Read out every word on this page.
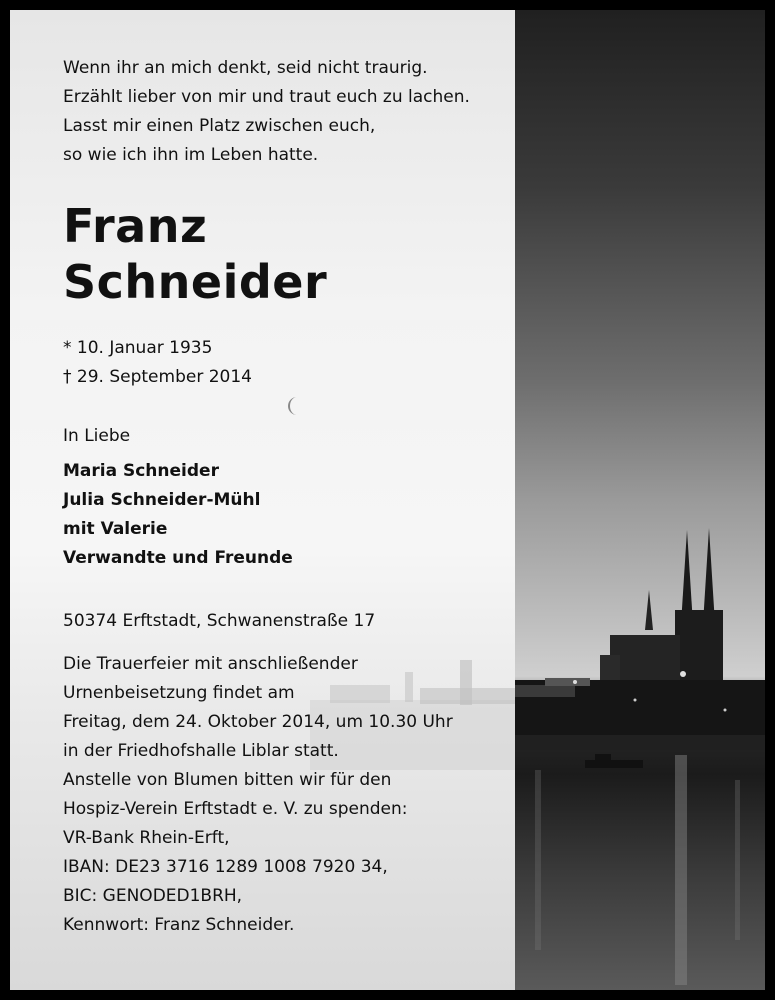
Wenn ihr an mich denkt, seid nicht traurig.

Erzählt lieber von mir und traut euch zu lachen.

Lasst mir einen Platz zwischen euch,

so wie ich ihn im Leben hatte.

Franz
Schneider

* 10. Januar 1935

† 29. September 2014

In Liebe

Maria Schneider

Julia Schneider-Mühl

mit Valerie

Verwandte und Freunde

50374 Erftstadt, Schwanenstraße 17

Die Trauerfeier mit anschließender

Urnenbeisetzung findet am

Freitag, dem 24. Oktober 2014, um 10.30 Uhr

in der Friedhofshalle Liblar statt.

Anstelle von Blumen bitten wir für den

Hospiz-Verein Erftstadt e. V. zu spenden:

VR-Bank Rhein-Erft,

IBAN: DE23 3716 1289 1008 7920 34,

BIC: GENODED1BRH,

Kennwort: Franz Schneider.
